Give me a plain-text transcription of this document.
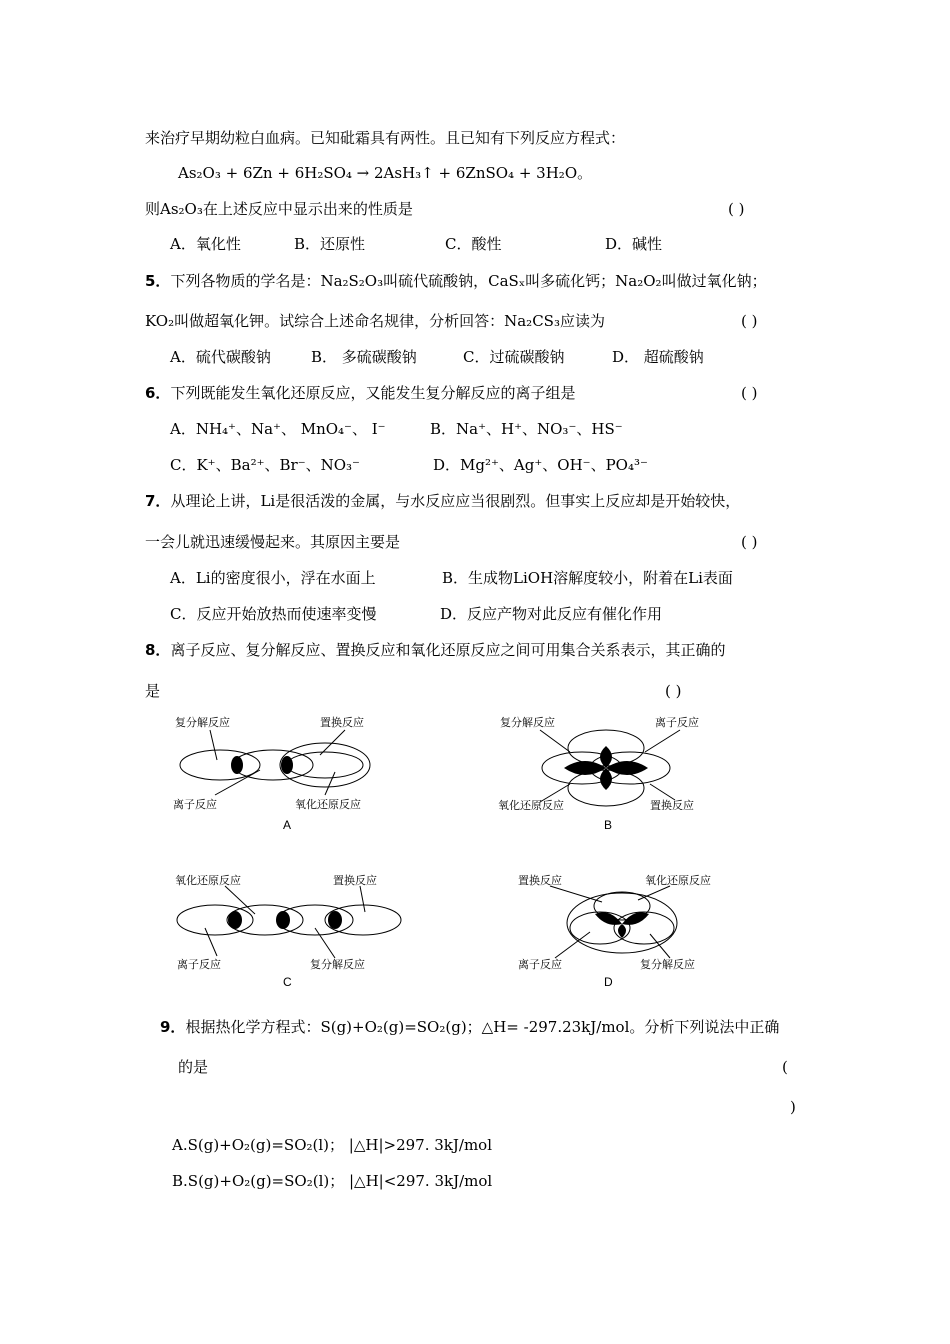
来治疗早期幼粒白血病。已知砒霜具有两性。且已知有下列反应方程式：
As₂O₃ + 6Zn + 6H₂SO₄ → 2AsH₃↑ + 6ZnSO₄ + 3H₂O。
则As₂O₃在上述反应中显示出来的性质是	( )
A．氧化性	B．还原性	C．酸性	D．碱性
5．下列各物质的学名是：Na₂S₂O₃叫硫代硫酸钠，CaSₓ叫多硫化钙；Na₂O₂叫做过氧化钠；
KO₂叫做超氧化钾。试综合上述命名规律，分析回答：Na₂CS₃应读为	( )
A．硫代碳酸钠	B． 多硫碳酸钠	C．过硫碳酸钠	D． 超硫酸钠
6．下列既能发生氧化还原反应，又能发生复分解反应的离子组是	( )
A．NH₄⁺、Na⁺、 MnO₄⁻、 I⁻	B．Na⁺、H⁺、NO₃⁻、HS⁻
C．K⁺、Ba²⁺、Br⁻、NO₃⁻	D．Mg²⁺、Ag⁺、OH⁻、PO₄³⁻
7．从理论上讲，Li是很活泼的金属，与水反应应当很剧烈。但事实上反应却是开始较快，
一会儿就迅速缓慢起来。其原因主要是	( )
A．Li的密度很小，浮在水面上	B．生成物LiOH溶解度较小，附着在Li表面
C．反应开始放热而使速率变慢	D．反应产物对此反应有催化作用
8．离子反应、复分解反应、置换反应和氧化还原反应之间可用集合关系表示，其正确的
是	( )
复分解反应	置换反应
离子反应	氧化还原反应
A
复分解反应	离子反应
氧化还原反应	置换反应
B
氧化还原反应	置换反应
离子反应	复分解反应
C
置换反应	氧化还原反应
离子反应	复分解反应
D
9．根据热化学方程式：S(g)+O₂(g)=SO₂(g)；△H= -297.23kJ/mol。分析下列说法中正确
的是	(
)
A.S(g)+O₂(g)=SO₂(l)； |△H|>297. 3kJ/mol
B.S(g)+O₂(g)=SO₂(l)； |△H|<297. 3kJ/mol
